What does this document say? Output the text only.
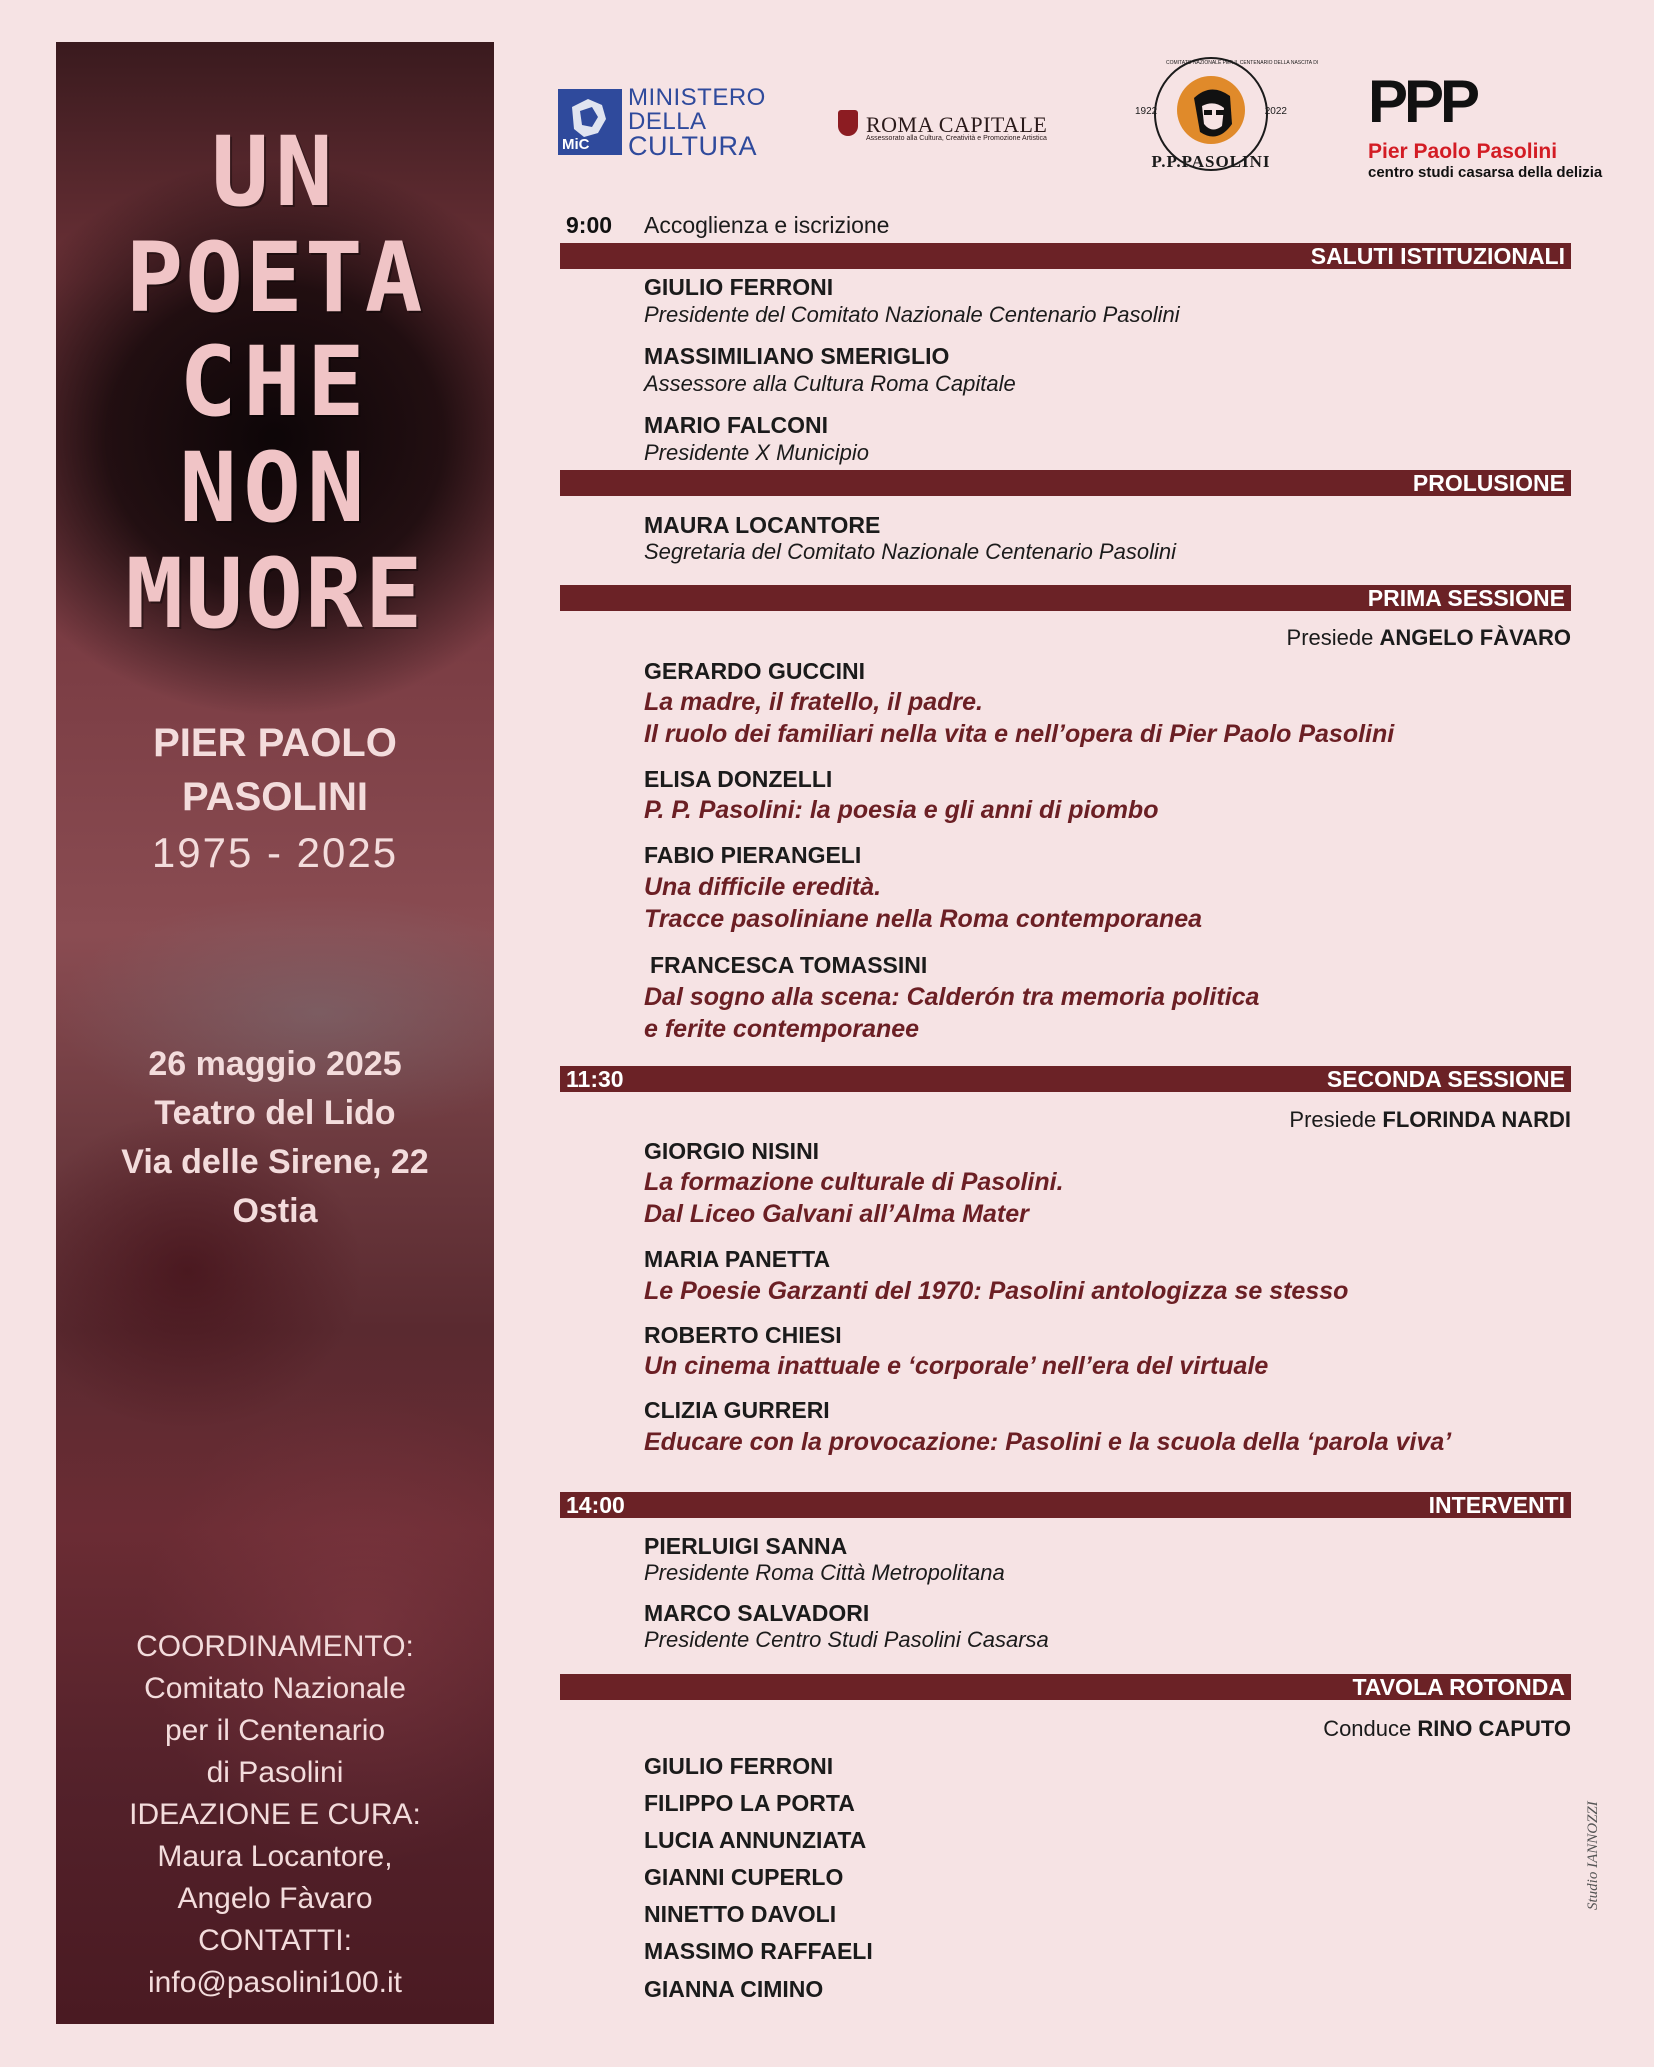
UN
POETA
CHE
NON
MUORE
PIER PAOLO
PASOLINI
1975 - 2025
26 maggio 2025
Teatro del Lido
Via delle Sirene, 22
Ostia
COORDINAMENTO:
Comitato Nazionale
per il Centenario
di Pasolini
IDEAZIONE E CURA:
Maura Locantore,
Angelo Fàvaro
CONTATTI:
info@pasolini100.it
MiC
MINISTERO
DELLA
CULTURA
ROMA CAPITALE
Assessorato alla Cultura, Creatività e Promozione Artistica
COMITATO NAZIONALE PER IL CENTENARIO DELLA NASCITA DI
1922	2022
P.P.PASOLINI
PPP
Pier Paolo Pasolini
centro studi casarsa della delizia
9:00 Accoglienza e iscrizione
SALUTI ISTITUZIONALI
GIULIO FERRONI
Presidente del Comitato Nazionale Centenario Pasolini
MASSIMILIANO SMERIGLIO
Assessore alla Cultura Roma Capitale
MARIO FALCONI
Presidente X Municipio
PROLUSIONE
MAURA LOCANTORE
Segretaria del Comitato Nazionale Centenario Pasolini
PRIMA SESSIONE
Presiede ANGELO FÀVARO
GERARDO GUCCINI
La madre, il fratello, il padre.
Il ruolo dei familiari nella vita e nell’opera di Pier Paolo Pasolini
ELISA DONZELLI
P. P. Pasolini: la poesia e gli anni di piombo
FABIO PIERANGELI
Una difficile eredità.
Tracce pasoliniane nella Roma contemporanea
FRANCESCA TOMASSINI
Dal sogno alla scena: Calderón tra memoria politica
e ferite contemporanee
11:30	SECONDA SESSIONE
Presiede FLORINDA NARDI
GIORGIO NISINI
La formazione culturale di Pasolini.
Dal Liceo Galvani all’Alma Mater
MARIA PANETTA
Le Poesie Garzanti del 1970: Pasolini antologizza se stesso
ROBERTO CHIESI
Un cinema inattuale e ‘corporale’ nell’era del virtuale
CLIZIA GURRERI
Educare con la provocazione: Pasolini e la scuola della ‘parola viva’
14:00	INTERVENTI
PIERLUIGI SANNA
Presidente Roma Città Metropolitana
MARCO SALVADORI
Presidente Centro Studi Pasolini Casarsa
TAVOLA ROTONDA
Conduce RINO CAPUTO
GIULIO FERRONI
FILIPPO LA PORTA
LUCIA ANNUNZIATA
GIANNI CUPERLO
NINETTO DAVOLI
MASSIMO RAFFAELI
GIANNA CIMINO
Studio IANNOZZI
